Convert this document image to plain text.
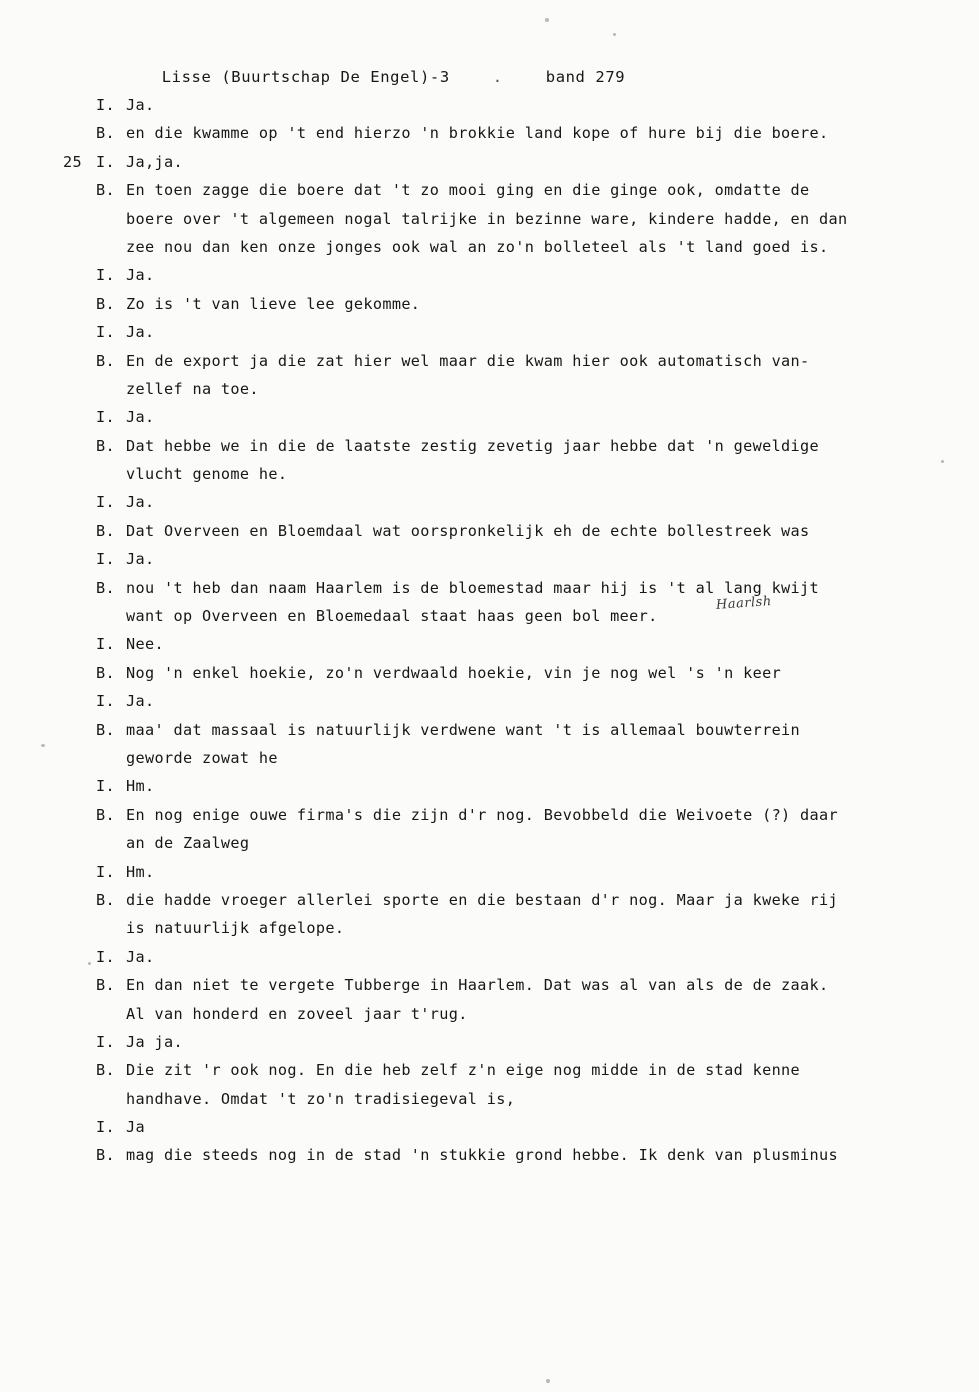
Lisse (Buurtschap De Engel)-3	.	band 279

I. Ja.
B. en die kwamme op 't end hierzo 'n brokkie land kope of hure bij die boere.
25 I. Ja,ja.
B. En toen zagge die boere dat 't zo mooi ging en die ginge ook, omdatte de
boere over 't algemeen nogal talrijke in bezinne ware, kindere hadde, en dan
zee nou dan ken onze jonges ook wal an zo'n bolleteel als 't land goed is.
I. Ja.
B. Zo is 't van lieve lee gekomme.
I. Ja.
B. En de export ja die zat hier wel maar die kwam hier ook automatisch van-
zellef na toe.
I. Ja.
B. Dat hebbe we in die de laatste zestig zevetig jaar hebbe dat 'n geweldige
vlucht genome he.
I. Ja.
B. Dat Overveen en Bloemdaal wat oorspronkelijk eh de echte bollestreek was
I. Ja.
B. nou 't heb dan naam Haarlem is de bloemestad maar hij is 't al lang kwijt
want op Overveen en Bloemedaal staat haas geen bol meer.
I. Nee.
B. Nog 'n enkel hoekie, zo'n verdwaald hoekie, vin je nog wel 's 'n keer
I. Ja.
B. maa' dat massaal is natuurlijk verdwene want 't is allemaal bouwterrein
geworde zowat he
I. Hm.
B. En nog enige ouwe firma's die zijn d'r nog. Bevobbeld die Weivoete (?) daar
an de Zaalweg
I. Hm.
B. die hadde vroeger allerlei sporte en die bestaan d'r nog. Maar ja kweke rij
is natuurlijk afgelope.
I. Ja.
B. En dan niet te vergete Tubberge in Haarlem. Dat was al van als de de zaak.
Al van honderd en zoveel jaar t'rug.
I. Ja ja.
B. Die zit 'r ook nog. En die heb zelf z'n eige nog midde in de stad kenne
handhave. Omdat 't zo'n tradisiegeval is,
I. Ja
B. mag die steeds nog in de stad 'n stukkie grond hebbe. Ik denk van plusminus
Haarlsh
